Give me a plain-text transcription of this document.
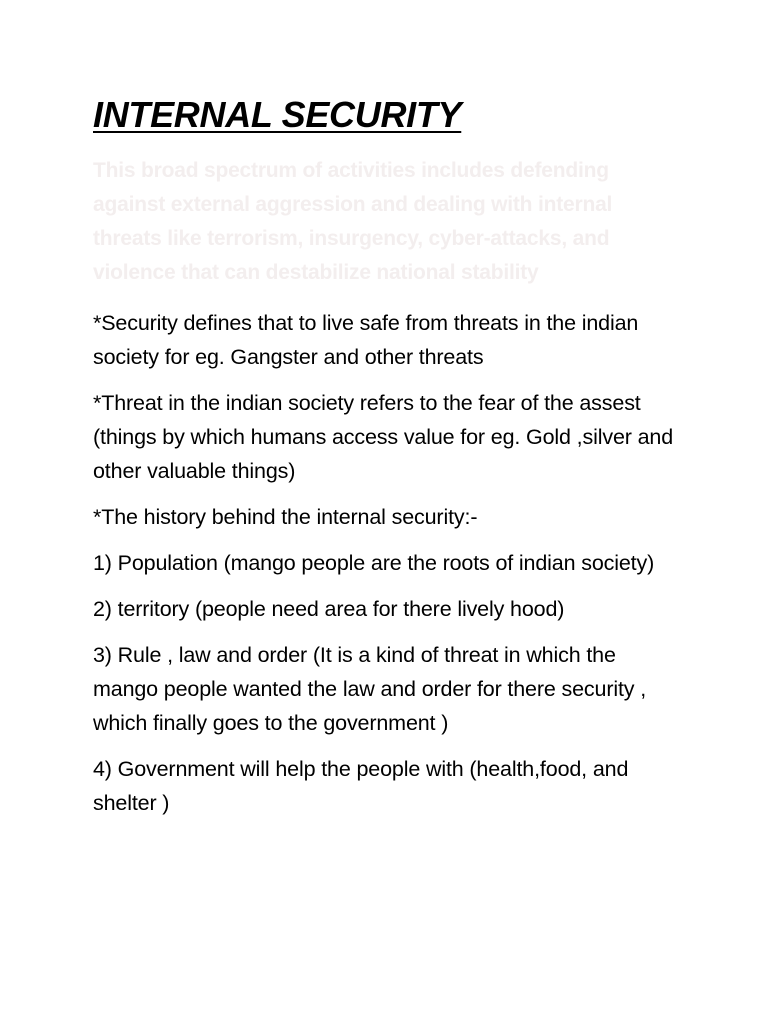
INTERNAL SECURITY

This broad spectrum of activities includes defending against external aggression and dealing with internal threats like terrorism, insurgency, cyber-attacks, and violence that can destabilize national stability

*Security defines that to live safe from threats in the indian society for eg. Gangster and other threats

*Threat in the indian society refers to the fear of the assest (things by which humans access value for eg. Gold ,silver and other valuable things)

*The history behind the internal security:-

1) Population (mango people are the roots of indian society)

2) territory (people need area for there lively hood)

3) Rule , law and order (It is a kind of threat in which the mango people wanted the law and order for there security , which finally goes to the government )

4) Government will help the people with (health,food, and shelter )
